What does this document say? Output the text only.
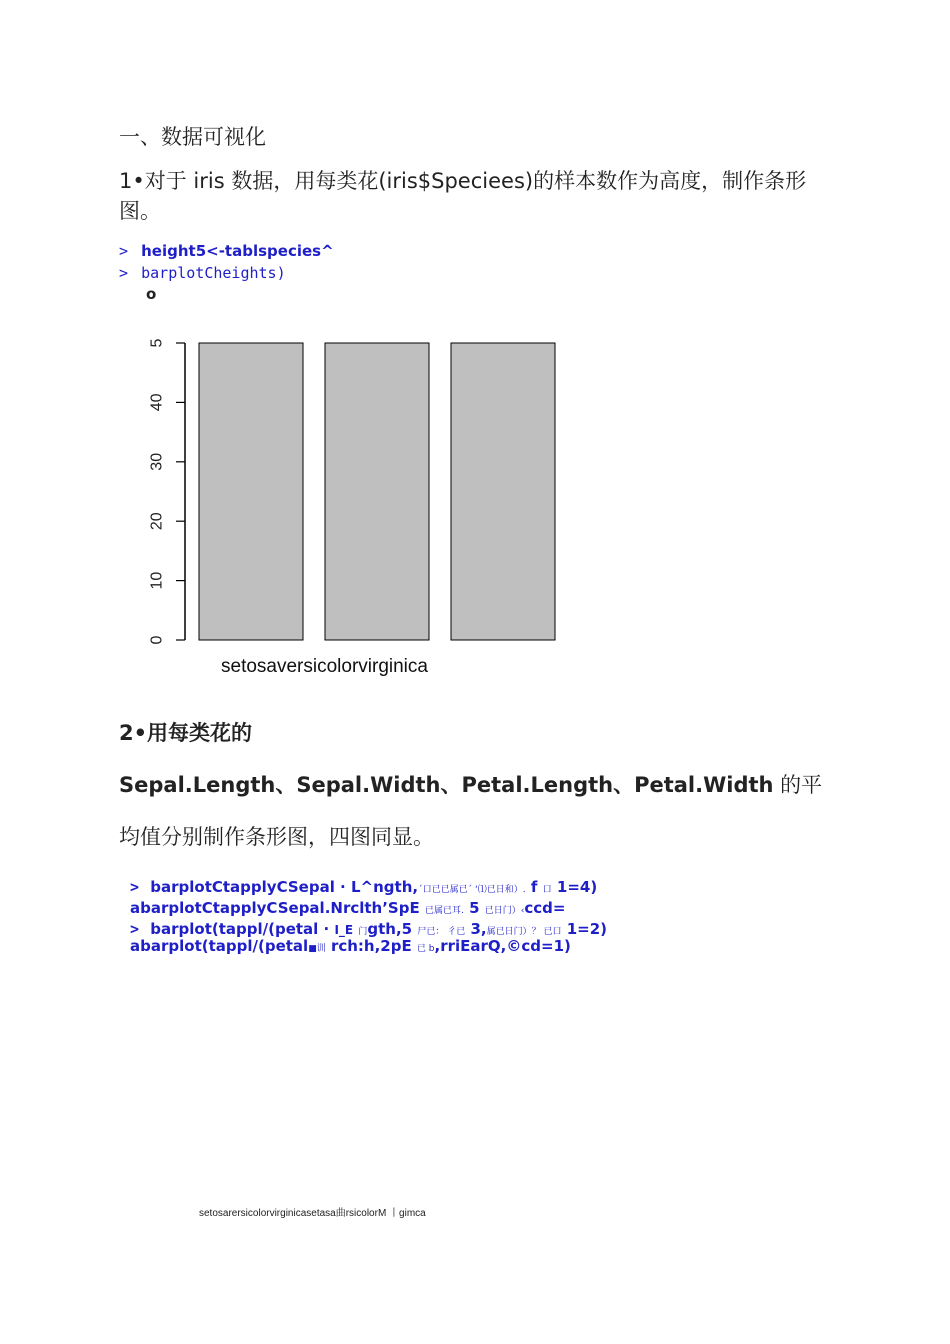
一、数据可视化
1•对于 iris 数据，用每类花(iris$Speciees)的样本数作为高度，制作条形图。
> height5<-tablspecies^
> barplotCheights)
o
0
10
20
30
40
5
setosaversicolorvirginica
2•用每类花的
Sepal.Length、Sepal.Width、Petal.Length、Petal.Width 的平
均值分别制作条形图，四图同显。
> barplotCtapplyCSepal · L^ngth,´口已已属已´ ‘⑴已日和）. f 口 1=4)
abarplotCtapplyCSepal.Nrclth’SpE 已属已耳. 5 已日门）‹ccd=
> barplot(tappl/(petal · I_E 门gth,5 尸已： 彳已 3,属已日门）？ 已口 1=2)
abarplot(tappl/(petal■训 rch:h,2pE 已 b,rriEarQ,©cd=1)
setosarersicolorvirginicasetasa曲rsicolorM 丨gimca
